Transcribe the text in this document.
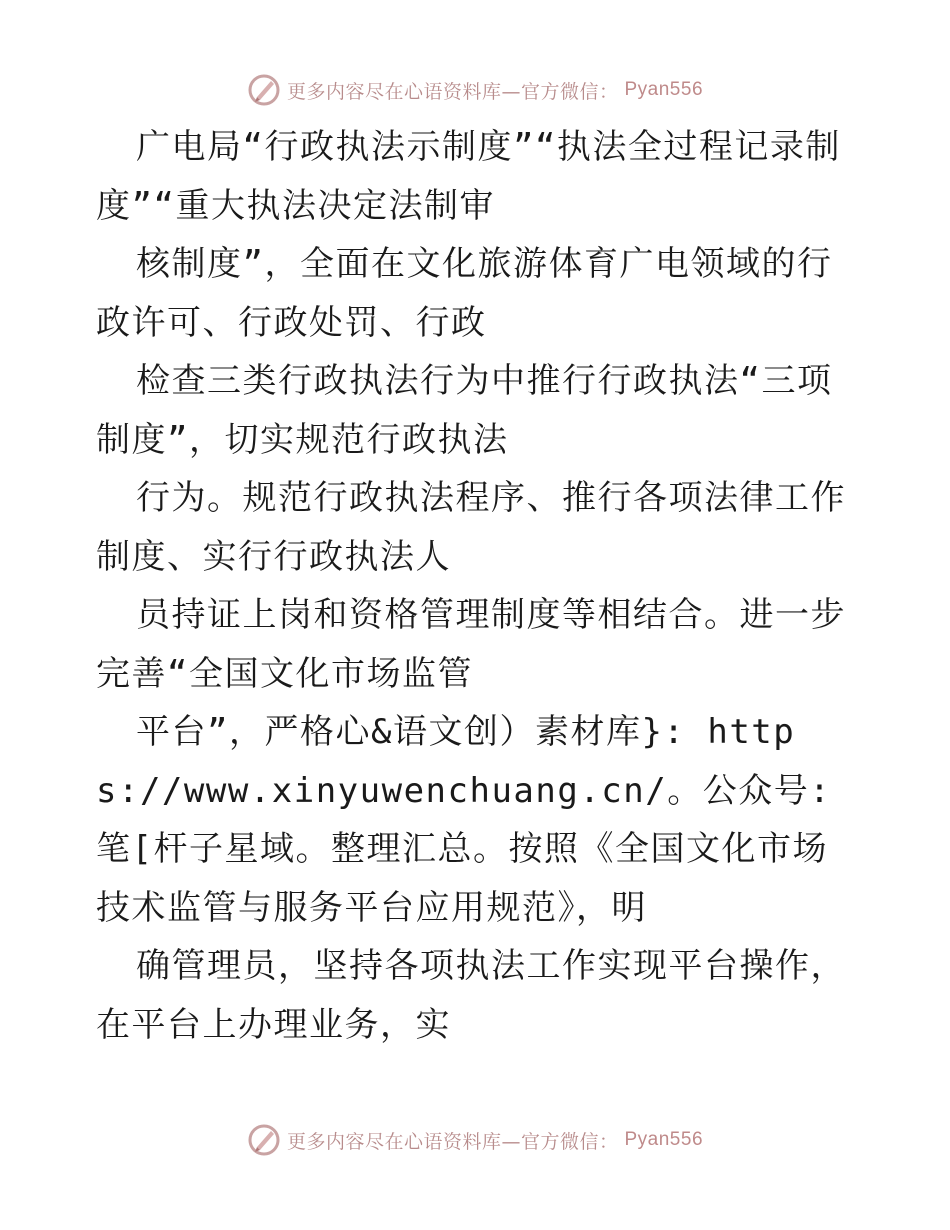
更多内容尽在心语资料库—官方微信： Pyan556

广电局“行政执法示制度”“执法全过程记录制度”“重大执法决定法制审

核制度”，全面在文化旅游体育广电领域的行政许可、行政处罚、行政

检查三类行政执法行为中推行行政执法“三项制度”，切实规范行政执法

行为。规范行政执法程序、推行各项法律工作制度、实行行政执法人

员持证上岗和资格管理制度等相结合。进一步完善“全国文化市场监管

平台”，严格心&语文创）素材库}: https://www.xinyuwenchuang.cn/。公众号: 笔[杆子星域。整理汇总。按照《全国文化市场技术监管与服务平台应用规范》，明

确管理员，坚持各项执法工作实现平台操作，在平台上办理业务，实

更多内容尽在心语资料库—官方微信： Pyan556
